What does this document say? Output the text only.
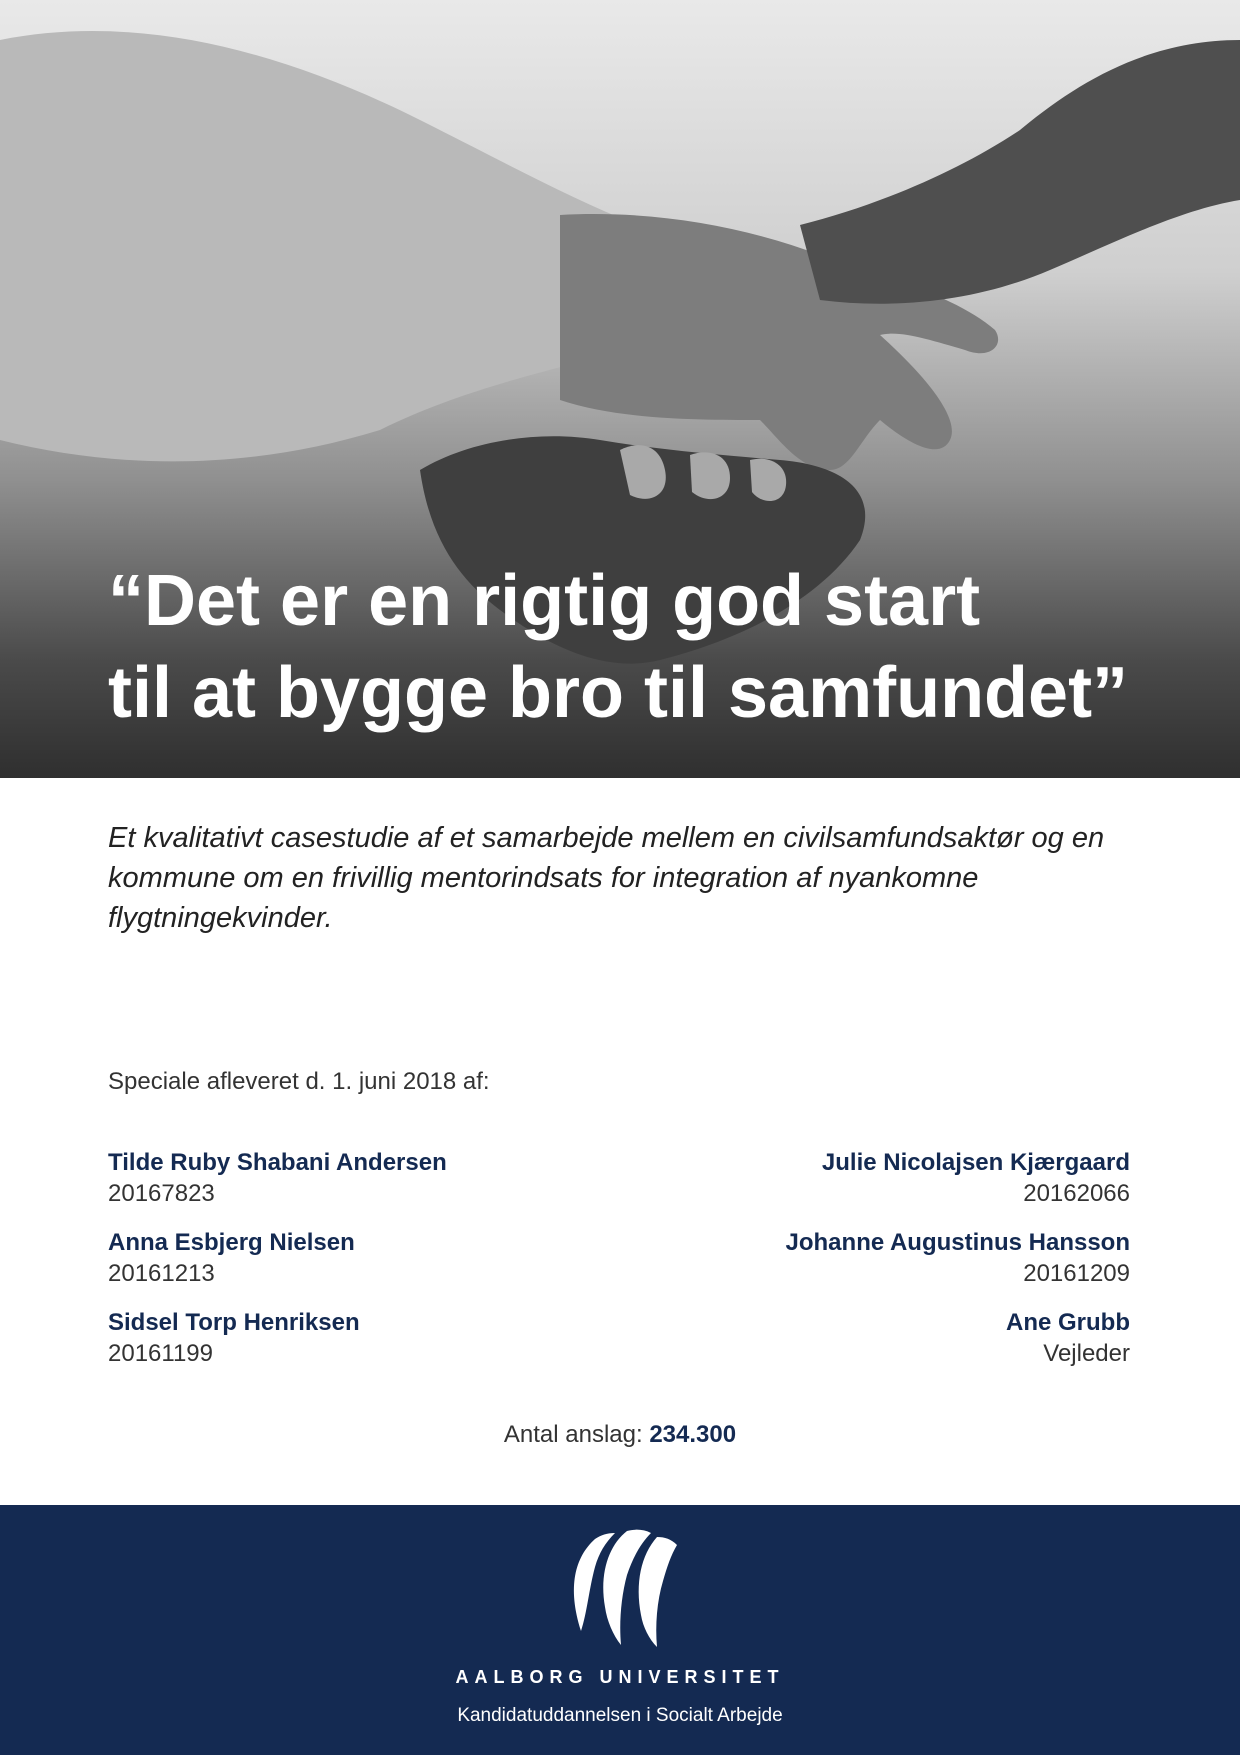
“Det er en rigtig god start
til at bygge bro til samfundet”

Et kvalitativt casestudie af et samarbejde mellem en civilsamfundsaktør og en kommune om en frivillig mentorindsats for integration af nyankomne flygtningekvinder.

Speciale afleveret d. 1. juni 2018 af:
Tilde Ruby Shabani Andersen
20167823
Anna Esbjerg Nielsen
20161213
Sidsel Torp Henriksen
20161199
Julie Nicolajsen Kjærgaard
20162066
Johanne Augustinus Hansson
20161209
Ane Grubb
Vejleder
Antal anslag: 234.300
AALBORG UNIVERSITET
Kandidatuddannelsen i Socialt Arbejde
